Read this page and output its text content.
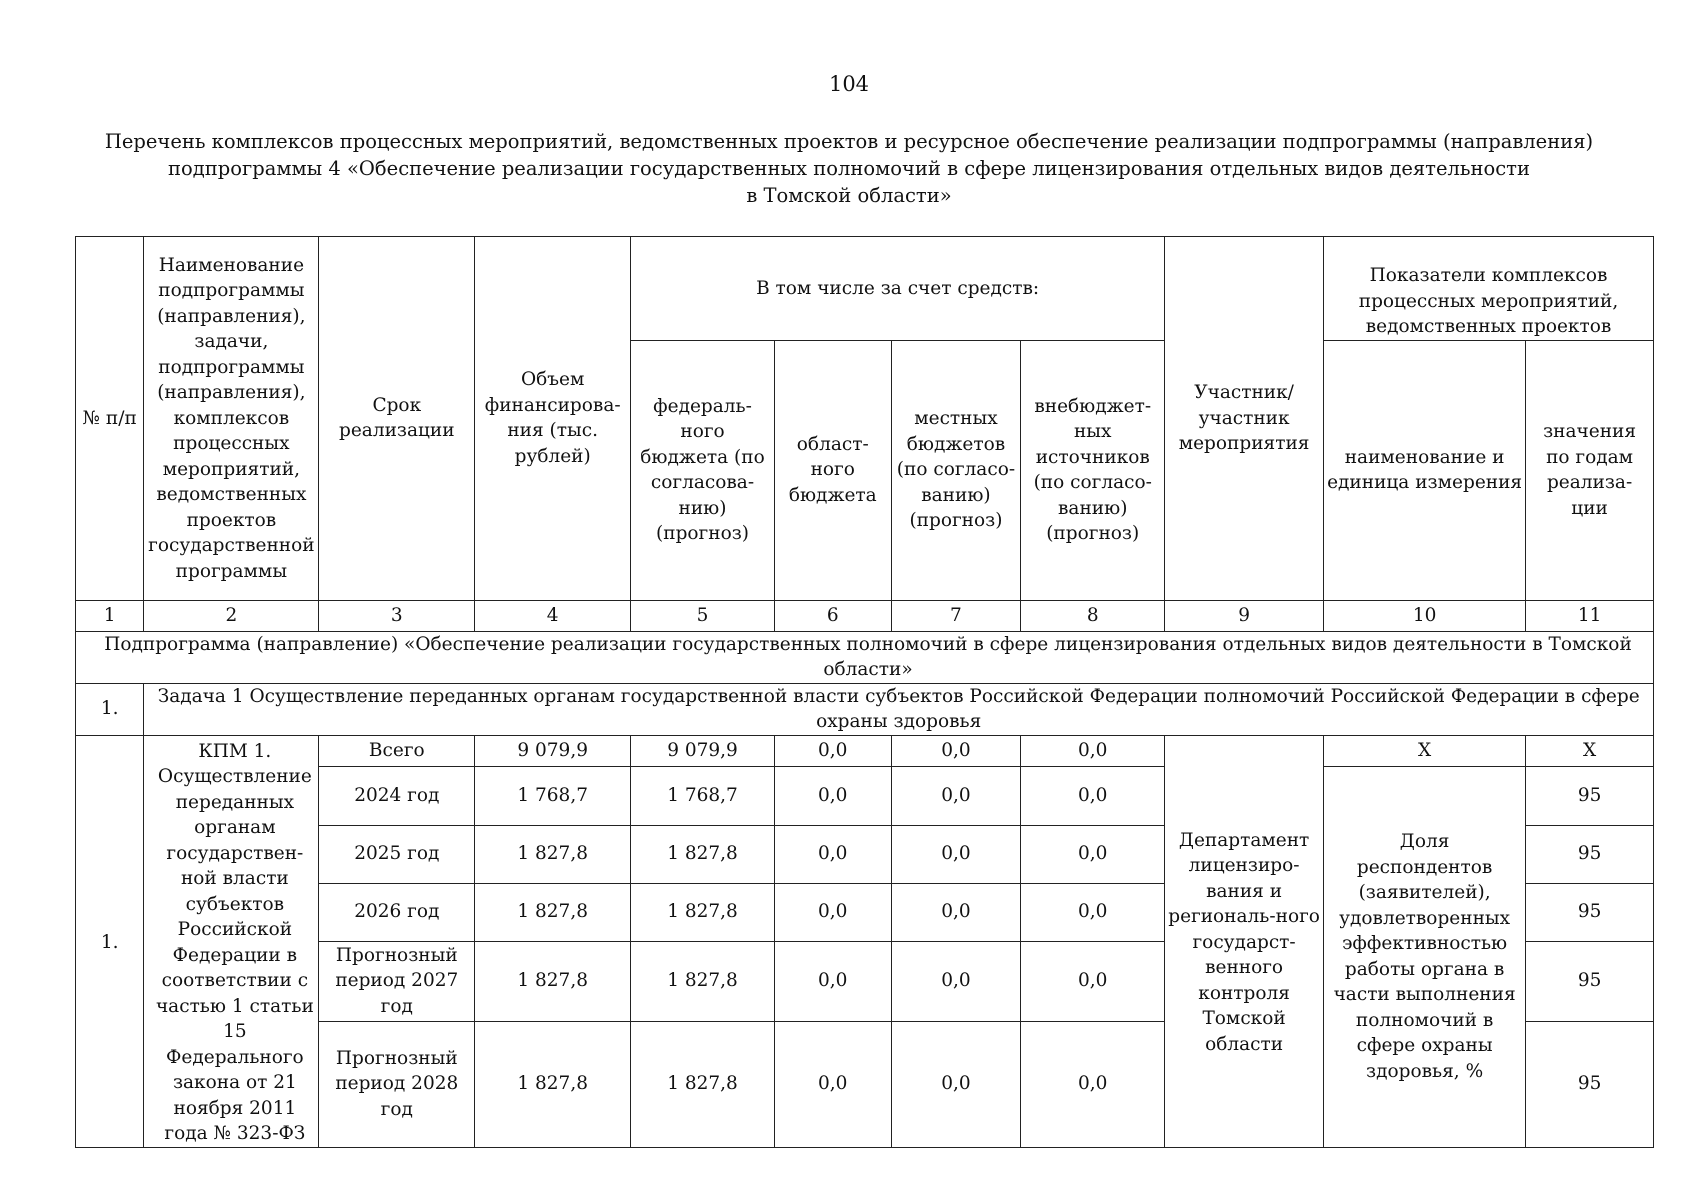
104
Перечень комплексов процессных мероприятий, ведомственных проектов и ресурсное обеспечение реализации подпрограммы (направления)
подпрограммы 4 «Обеспечение реализации государственных полномочий в сфере лицензирования отдельных видов деятельности
в Томской области»
№ п/п	Наименование подпрограммы (направления), задачи, подпрограммы (направления), комплексов процессных мероприятий, ведомственных проектов государственной программы	Срок реализации	Объем финансирова-ния (тыс. рублей)	В том числе за счет средств:				Участник/ участник мероприятия	Показатели комплексов процессных мероприятий, ведомственных проектов	
				федераль-ного бюджета (по согласова-нию) (прогноз)	област-ного бюджета	местных бюджетов (по согласо-ванию) (прогноз)	внебюджет-ных источников (по согласо-ванию) (прогноз)		наименование и единица измерения	значения по годам реализа-ции
1	2	3	4	5	6	7	8	9	10	11
Подпрограмма (направление) «Обеспечение реализации государственных полномочий в сфере лицензирования отдельных видов деятельности в Томской области»										
1.	Задача 1 Осуществление переданных органам государственной власти субъектов Российской Федерации полномочий Российской Федерации в сфере охраны здоровья									
1.	КПМ 1. Осуществление переданных органам государствен-ной власти субъектов Российской Федерации в соответствии с частью 1 статьи 15 Федерального закона от 21 ноября 2011 года № 323-ФЗ	Всего	9 079,9	9 079,9	0,0	0,0	0,0	Департамент лицензиро-вания и региональ-ного государст-венного контроля Томской области	Х	Х
		2024 год	1 768,7	1 768,7	0,0	0,0	0,0		Доля респондентов (заявителей), удовлетворенных эффективностью работы органа в части выполнения полномочий в сфере охраны здоровья, %	95
		2025 год	1 827,8	1 827,8	0,0	0,0	0,0			95
		2026 год	1 827,8	1 827,8	0,0	0,0	0,0			95
		Прогнозный период 2027 год	1 827,8	1 827,8	0,0	0,0	0,0			95
		Прогнозный период 2028 год	1 827,8	1 827,8	0,0	0,0	0,0			95
